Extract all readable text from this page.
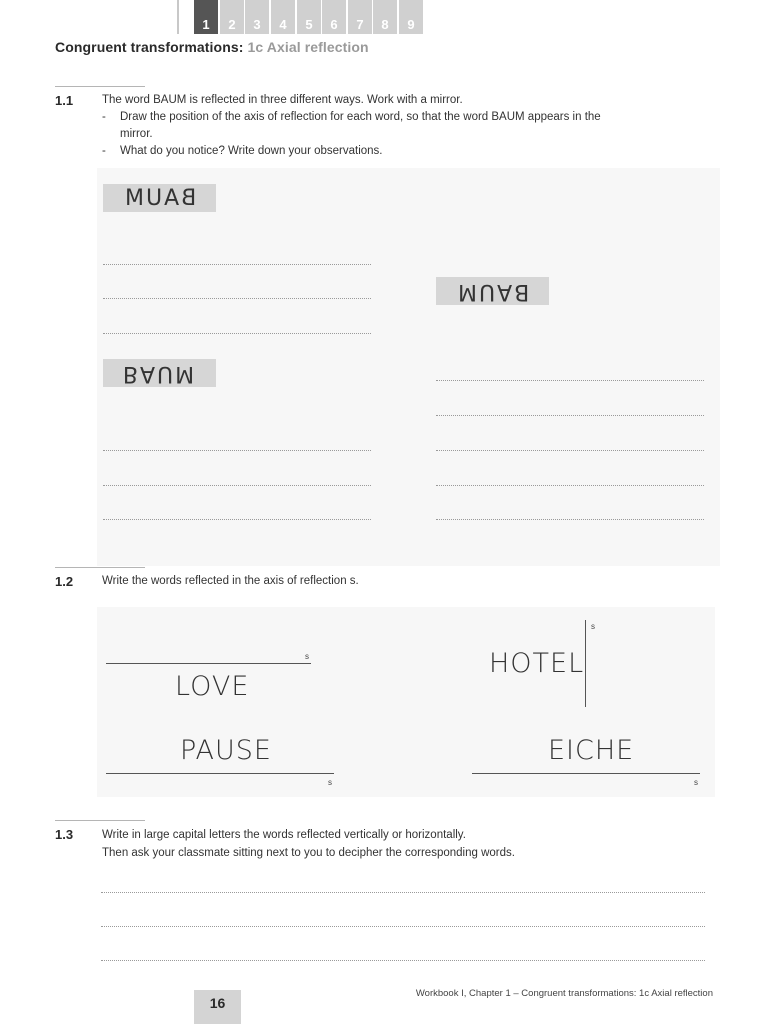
1	2	3	4	5	6	7	8	9
Congruent transformations: 1c Axial reflection
1.1	The word BAUM is reflected in three different ways. Work with a mirror.
- Draw the position of the axis of reflection for each word, so that the word BAUM appears in the
mirror.
- What do you notice? Write down your observations.
BAUM
BAUM
BAUM
1.2	Write the words reflected in the axis of reflection s.
s
LOVE
HOTEL
s
PAUSE
s
EICHE
s
1.3	Write in large capital letters the words reflected vertically or horizontally.
Then ask your classmate sitting next to you to decipher the corresponding words.
16
Workbook I, Chapter 1 – Congruent transformations: 1c Axial reflection
